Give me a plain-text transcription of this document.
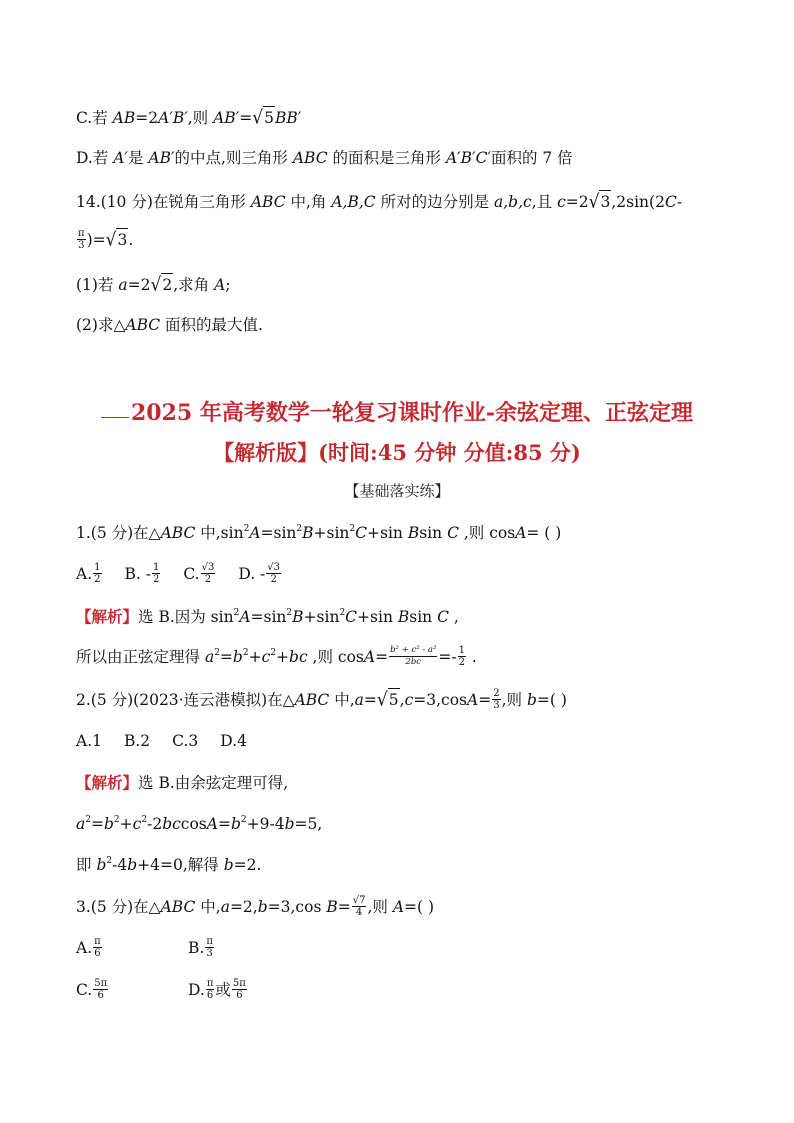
C.若 AB=2A′B′,则 AB′=√5BB′
D.若 A′是 AB′的中点,则三角形 ABC 的面积是三角形 A′B′C′面积的 7 倍
14.(10 分)在锐角三角形 ABC 中,角 A,B,C 所对的边分别是 a,b,c,且 c=2√3,2sin(2C-
$\frac{\pi}{3} )=√3$.
(1)若 a=2√2,求角 A;
(2)求△ABC 面积的最大值.
2025 年高考数学一轮复习课时作业-余弦定理、正弦定理
【解析版】(时间:45 分钟 分值:85 分)
【基础落实练】
1.(5 分)在△ABC 中$,\sin^2A=\sin^2B+\sin^2C+\sin$ Bsin C ,则 cosA= ( )
A. $\frac{1}{2} B$. - $\frac{1}{2} C$. $\frac{√3}{2} D$. - $\frac{√3}{2}$
【解析】选 B.因为 $\sin^2A=\sin^2B+\sin^2C+\sin$ Bsin C ,
所以由正弦定理得 $a^2=b^2+c^2+bc$ ,则 $\cos A= \frac{\text{b² + c² - a²}}{2bc} =- \frac{1}{2}$ .
2.(5 分)(2023·连云港模拟)在△ABC 中$,a=√5,c=3,\cos A= \frac{2}{3}$ ,则 b=( )
A.1 B.2 C.3 D.4
【解析】选 B.由余弦定理可得,
$a^2=b^2+c^2-2bccosA=b^2+9-4b=5$,
即 $b^2-4b+4=0$,解得 b=2.
3.(5 分)在△ABC 中,a=2,b=3,cos $B= \frac{√7}{4}$ ,则 A=( )
A. $\frac{\pi}{6}$	B. $\frac{\pi}{3}$
C. $\frac{5\pi}{6}$	D. $\frac{\pi}{6}$ 或 $\frac{5\pi}{6}$
